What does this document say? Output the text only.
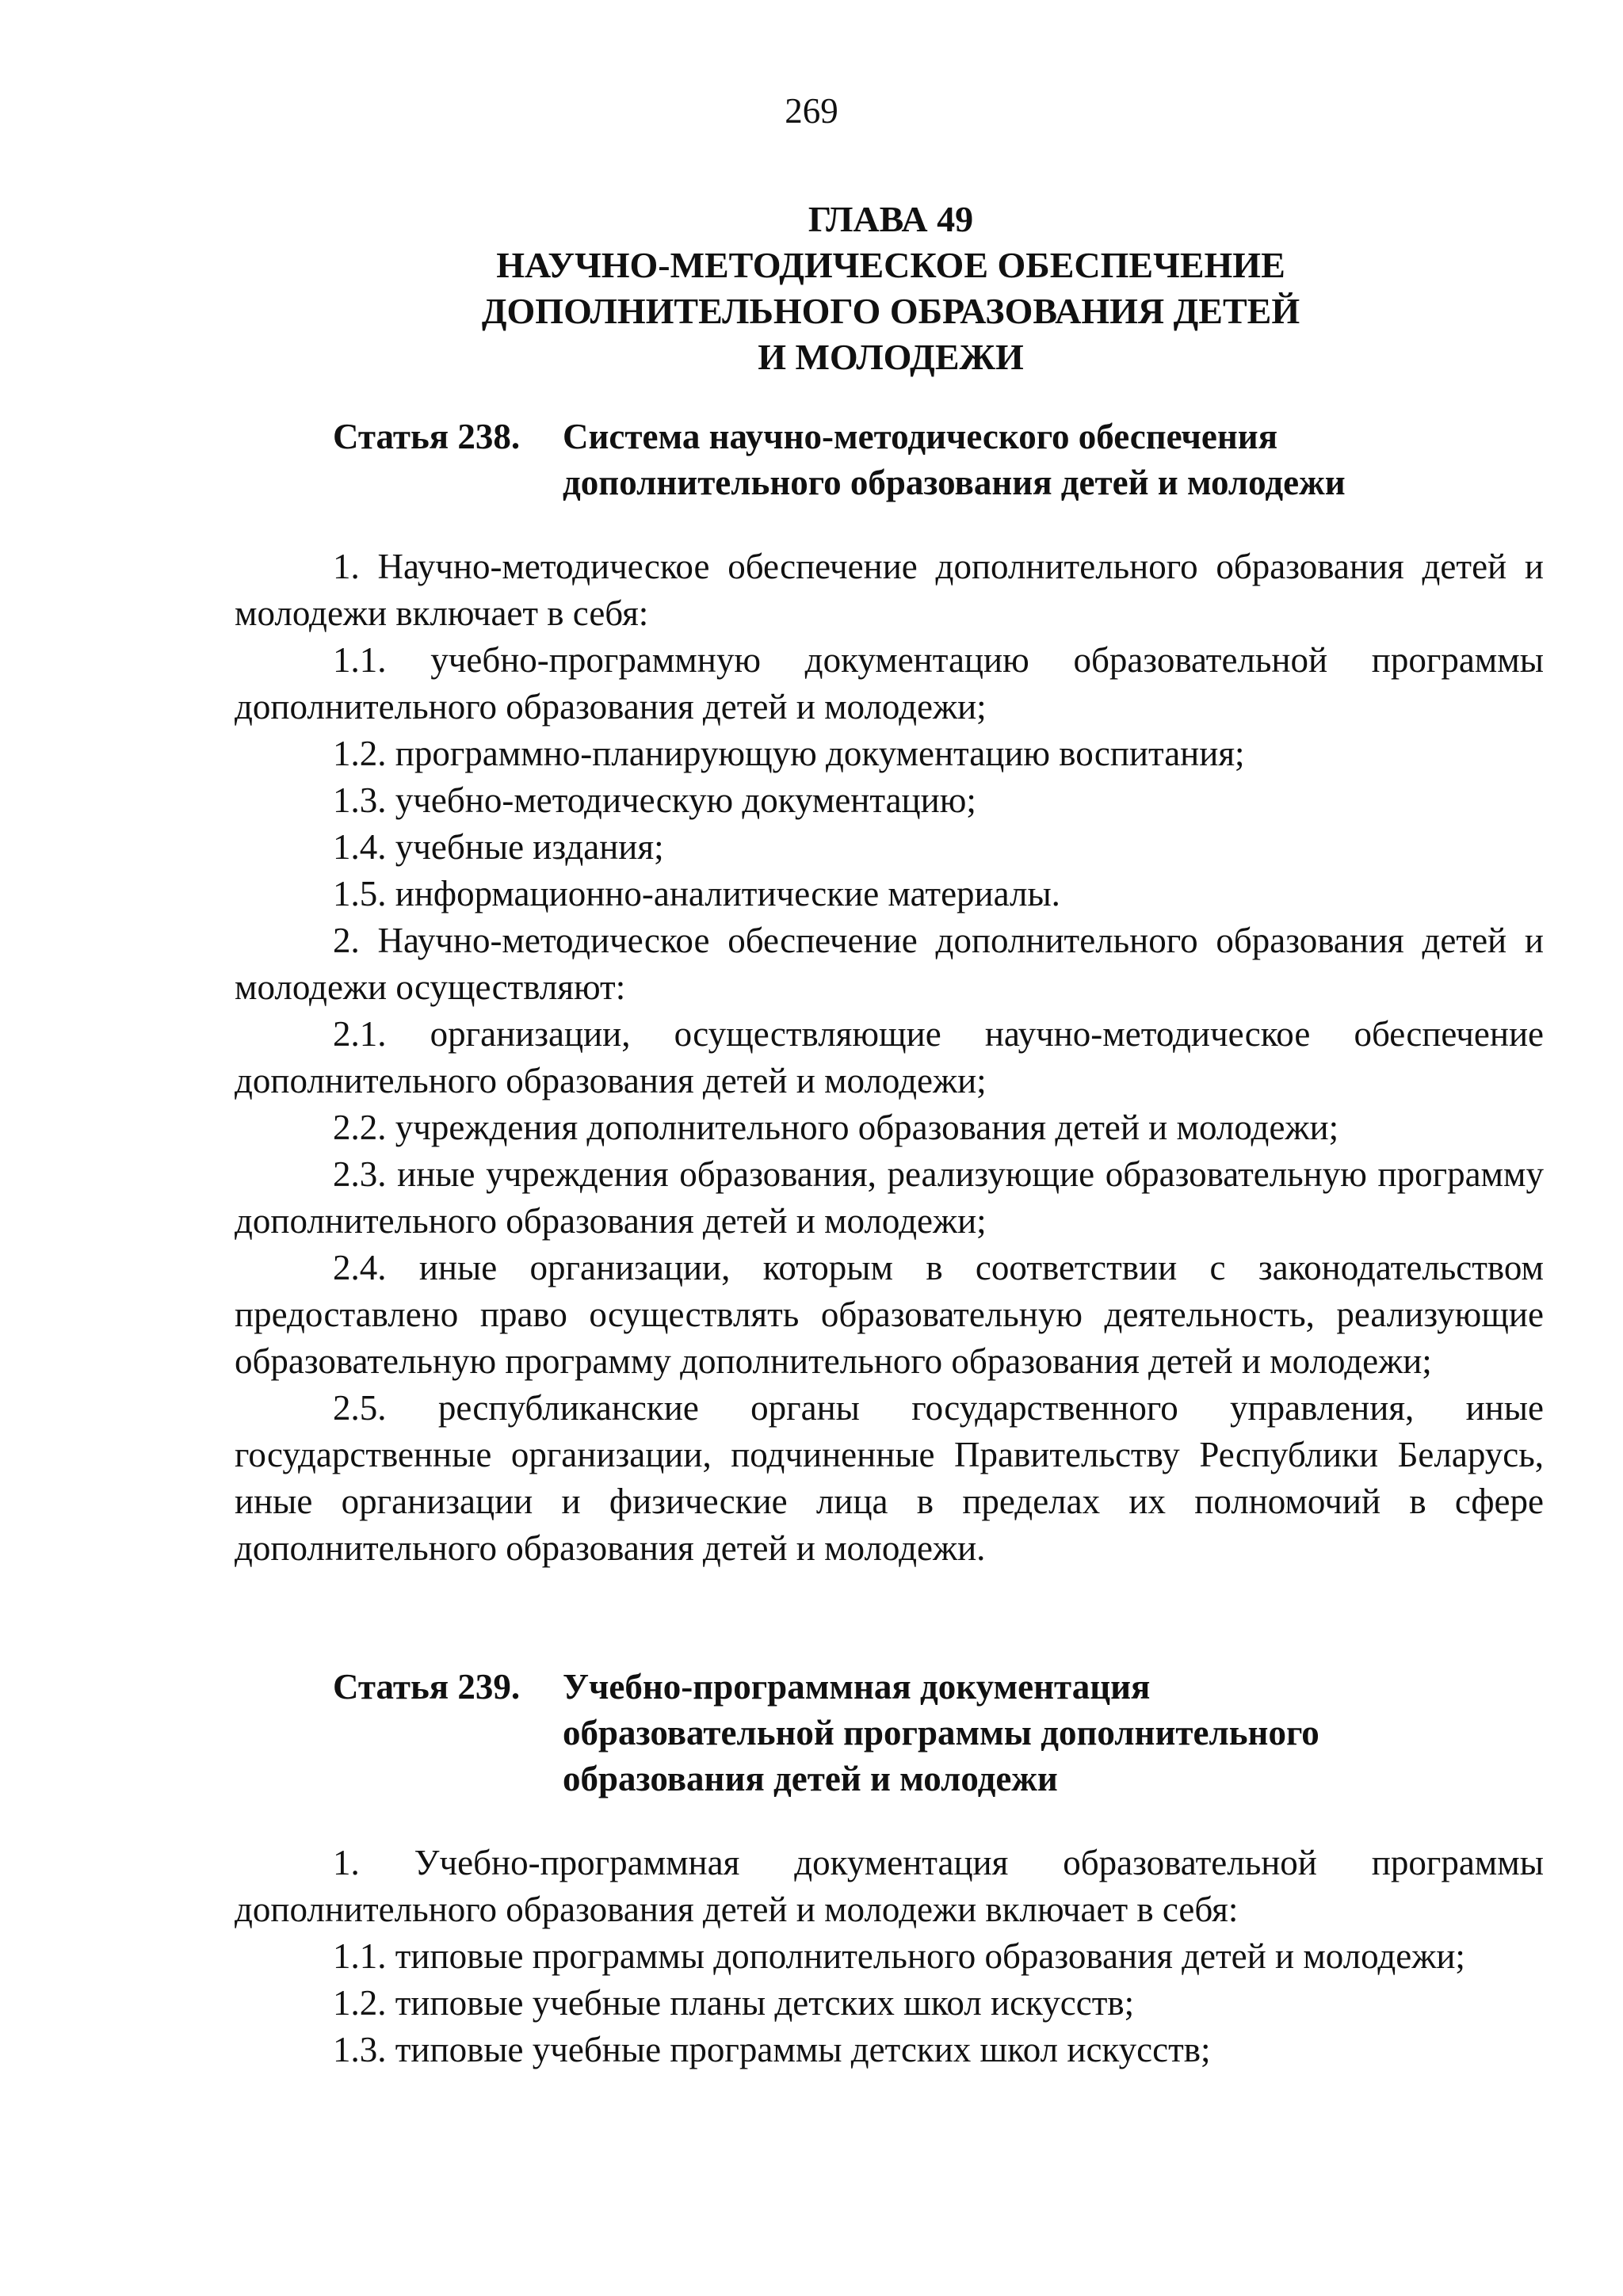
269
ГЛАВА 49
НАУЧНО-МЕТОДИЧЕСКОЕ ОБЕСПЕЧЕНИЕ
ДОПОЛНИТЕЛЬНОГО ОБРАЗОВАНИЯ ДЕТЕЙ
И МОЛОДЕЖИ
Статья 238.	Система научно-методического обеспечения
дополнительного образования детей и молодежи

1. Научно-методическое обеспечение дополнительного образования детей и молодежи включает в себя:

1.1. учебно-программную документацию образовательной программы дополнительного образования детей и молодежи;

1.2. программно-планирующую документацию воспитания;

1.3. учебно-методическую документацию;

1.4. учебные издания;

1.5. информационно-аналитические материалы.

2. Научно-методическое обеспечение дополнительного образования детей и молодежи осуществляют:

2.1. организации, осуществляющие научно-методическое обеспечение дополнительного образования детей и молодежи;

2.2. учреждения дополнительного образования детей и молодежи;

2.3. иные учреждения образования, реализующие образовательную программу дополнительного образования детей и молодежи;

2.4. иные организации, которым в соответствии с законодательством предоставлено право осуществлять образовательную деятельность, реализующие образовательную программу дополнительного образования детей и молодежи;

2.5. республиканские органы государственного управления, иные государственные организации, подчиненные Правительству Республики Беларусь, иные организации и физические лица в пределах их полномочий в сфере дополнительного образования детей и молодежи.

Статья 239.	Учебно-программная документация
образовательной программы дополнительного
образования детей и молодежи

1. Учебно-программная документация образовательной программы дополнительного образования детей и молодежи включает в себя:

1.1. типовые программы дополнительного образования детей и молодежи;

1.2. типовые учебные планы детских школ искусств;

1.3. типовые учебные программы детских школ искусств;
